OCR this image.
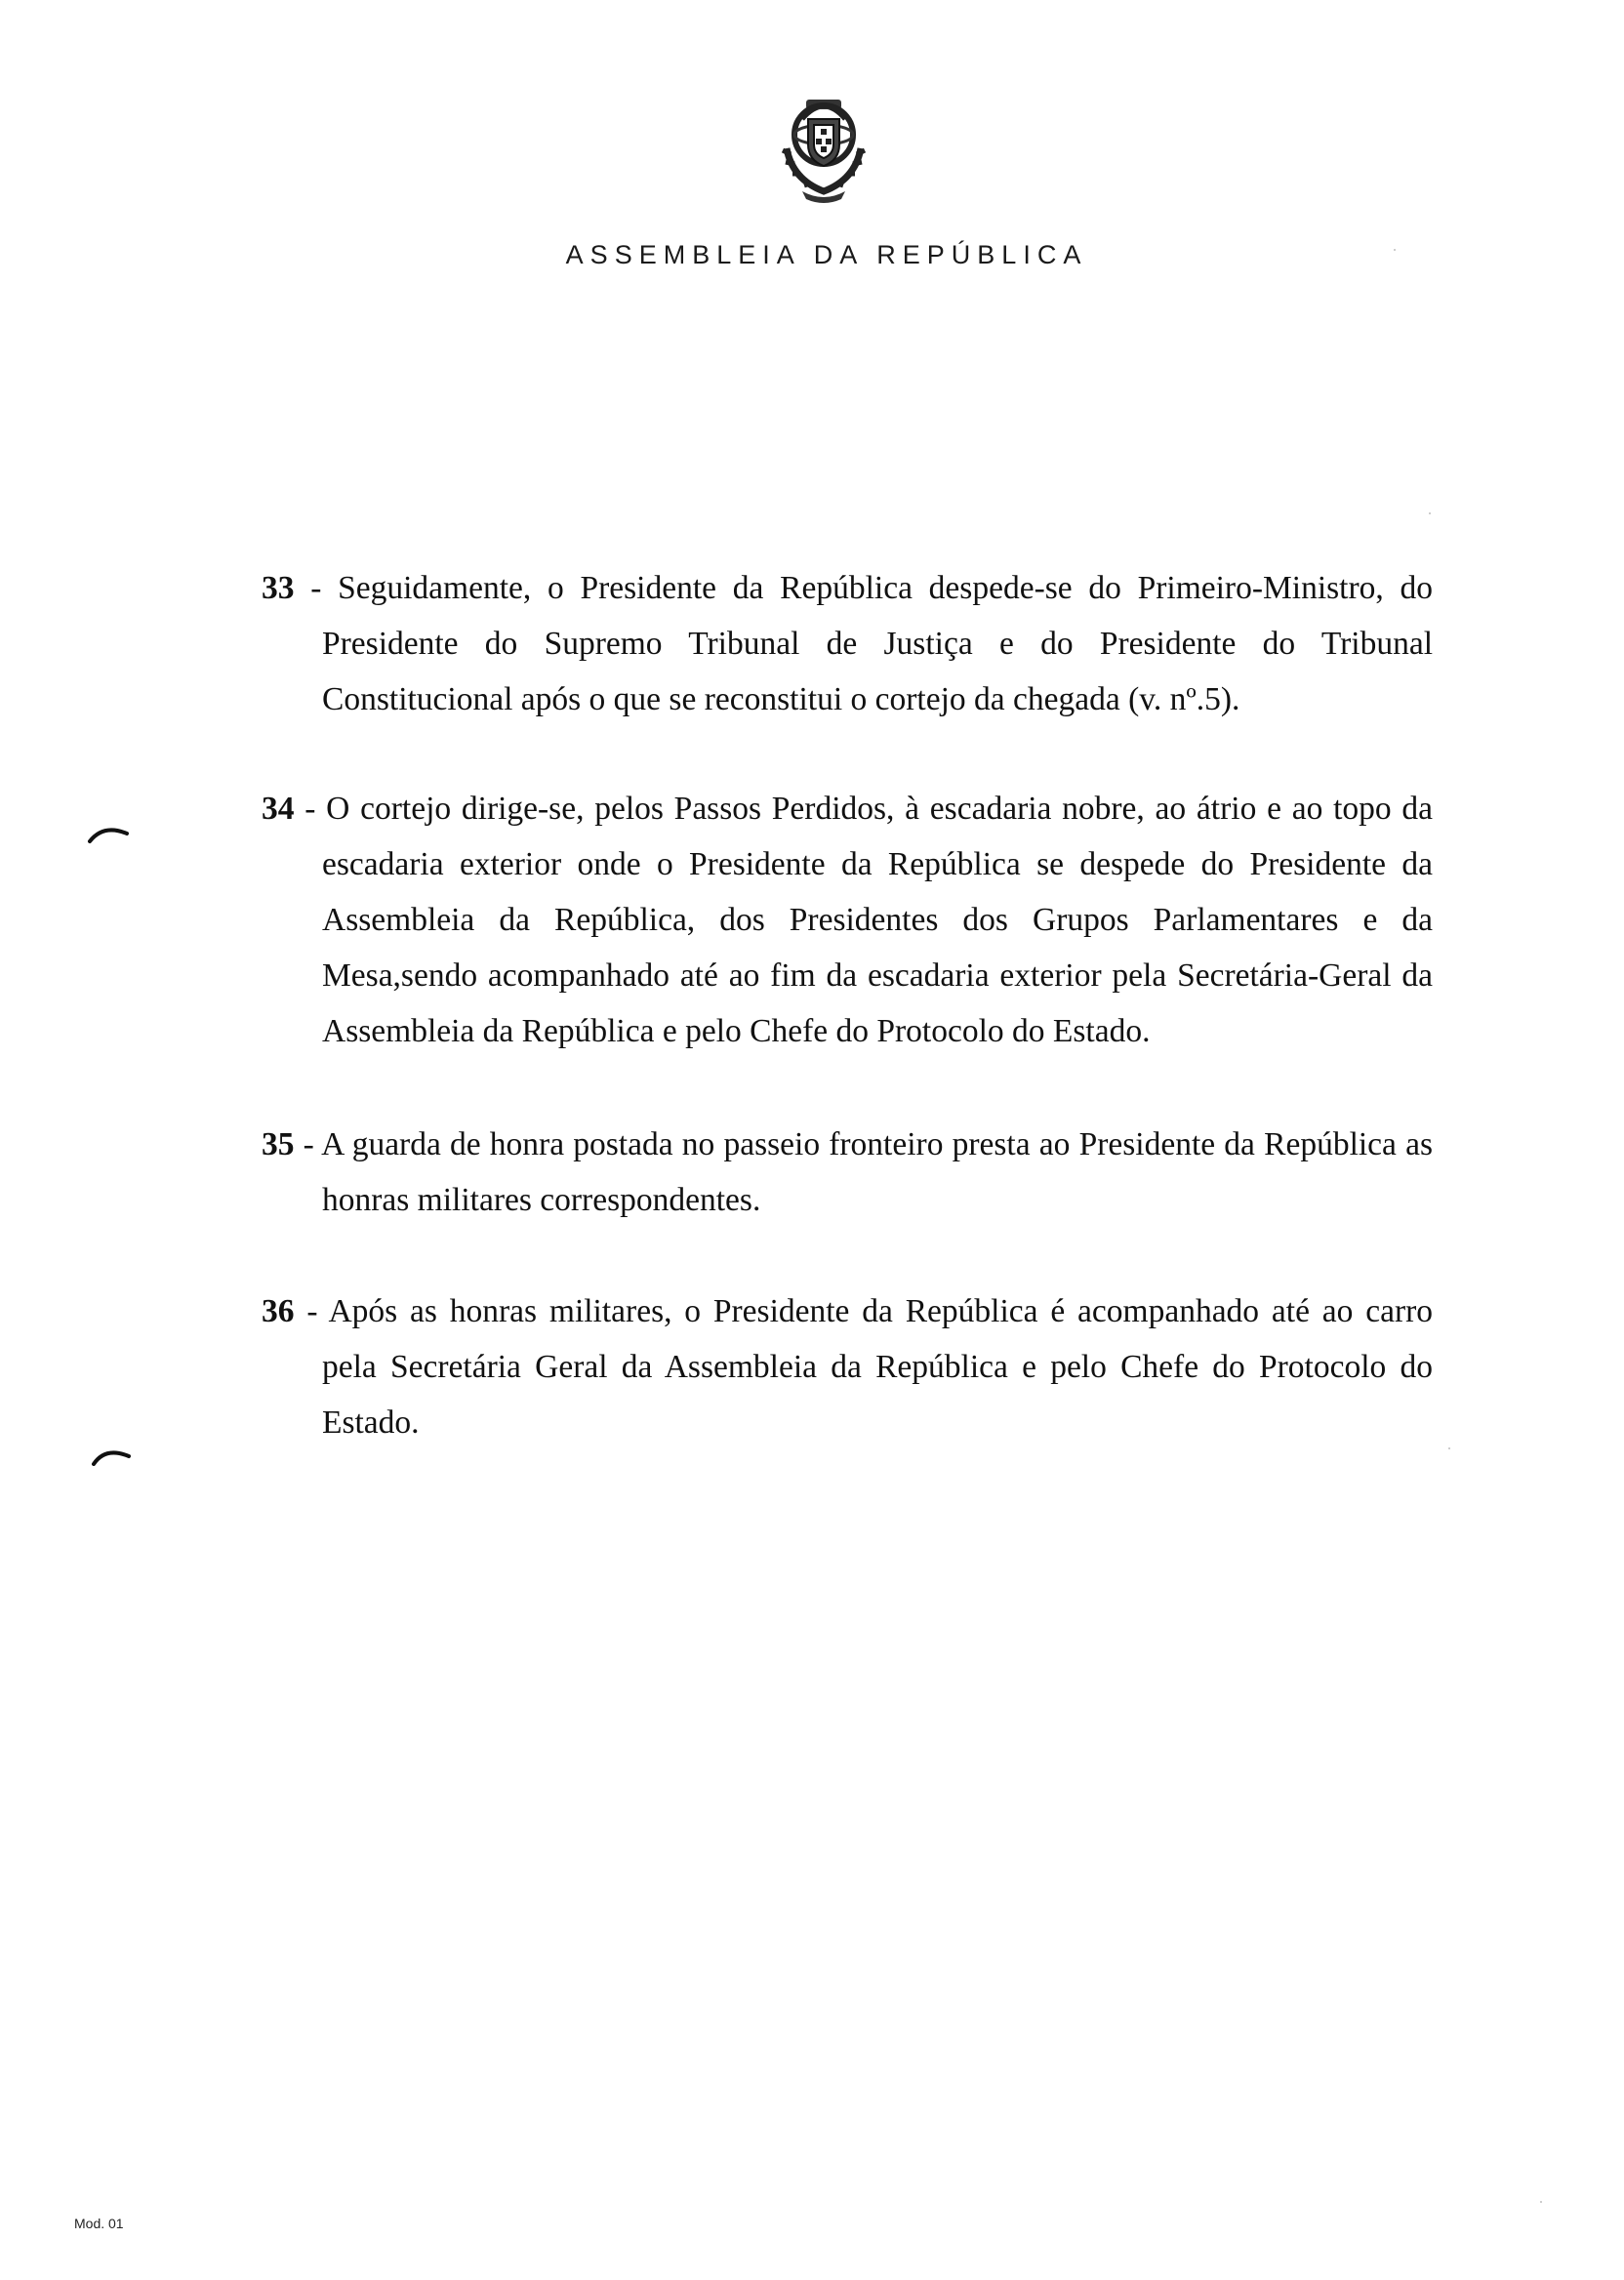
ASSEMBLEIA DA REPÚBLICA
33 - Seguidamente, o Presidente da República despede-se do Primeiro-Ministro, do Presidente do Supremo Tribunal de Justiça e do Presidente do Tribunal Constitucional após o que se reconstitui o cortejo da chegada (v. nº.5).
34 - O cortejo dirige-se, pelos Passos Perdidos, à escadaria nobre, ao átrio e ao topo da escadaria exterior onde o Presidente da República se despede do Presidente da Assembleia da República, dos Presidentes dos Grupos Parlamentares e da Mesa,sendo acompanhado até ao fim da escadaria exterior pela Secretária-Geral da Assembleia da República e pelo Chefe do Protocolo do Estado.
35 - A guarda de honra postada no passeio fronteiro presta ao Presidente da República as honras militares correspondentes.
36 - Após as honras militares, o Presidente da República é acompanhado até ao carro pela Secretária Geral da Assembleia da República e pelo Chefe do Protocolo do Estado.
Mod. 01
